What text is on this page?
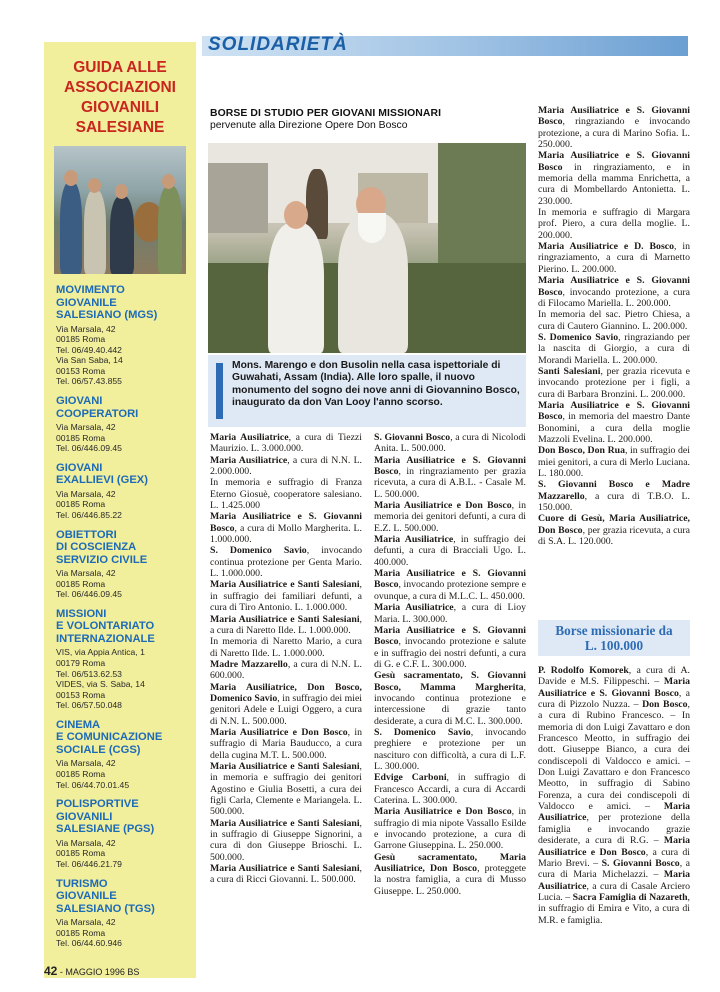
SOLIDARIETÀ
GUIDA ALLE
ASSOCIAZIONI
GIOVANILI
SALESIANE
MOVIMENTO
GIOVANILE
SALESIANO (MGS)
Via Marsala, 42
00185 Roma
Tel. 06/49.40.442
Via San Saba, 14
00153 Roma
Tel. 06/57.43.855
GIOVANI
COOPERATORI
Via Marsala, 42
00185 Roma
Tel. 06/446.09.45
GIOVANI
EXALLIEVI (GEX)
Via Marsala, 42
00185 Roma
Tel. 06/446.85.22
OBIETTORI
DI COSCIENZA
SERVIZIO CIVILE
Via Marsala, 42
00185 Roma
Tel. 06/446.09.45
MISSIONI
E VOLONTARIATO
INTERNAZIONALE
VIS, via Appia Antica, 1
00179 Roma
Tel. 06/513.62.53
VIDES, via S. Saba, 14
00153 Roma
Tel. 06/57.50.048
CINEMA
E COMUNICAZIONE
SOCIALE (CGS)
Via Marsala, 42
00185 Roma
Tel. 06/44.70.01.45
POLISPORTIVE
GIOVANILI
SALESIANE (PGS)
Via Marsala, 42
00185 Roma
Tel. 06/446.21.79
TURISMO
GIOVANILE
SALESIANO (TGS)
Via Marsala, 42
00185 Roma
Tel. 06/44.60.946
BORSE DI STUDIO PER GIOVANI MISSIONARI
pervenute alla Direzione Opere Don Bosco
Mons. Marengo e don Busolin nella casa ispettoriale di Guwahati, Assam (India). Alle loro spalle, il nuovo monumento del sogno dei nove anni di Giovannino Bosco, inaugurato da don Van Looy l'anno scorso.

Maria Ausiliatrice, a cura di Tiezzi Maurizio. L. 3.000.000.

Maria Ausiliatrice, a cura di N.N. L. 2.000.000.

In memoria e suffragio di Franza Eterno Giosuè, cooperatore salesiano. L. 1.425.000

Maria Ausiliatrice e S. Giovanni Bosco, a cura di Mollo Margherita. L. 1.000.000.

S. Domenico Savio, invocando continua protezione per Genta Mario. L. 1.000.000.

Maria Ausiliatrice e Santi Salesiani, in suffragio dei familiari defunti, a cura di Tiro Antonio. L. 1.000.000.

Maria Ausiliatrice e Santi Salesiani, a cura di Naretto Ilde. L. 1.000.000.

In memoria di Naretto Mario, a cura di Naretto Ilde. L. 1.000.000.

Madre Mazzarello, a cura di N.N. L. 600.000.

Maria Ausiliatrice, Don Bosco, Domenico Savio, in suffragio dei miei genitori Adele e Luigi Oggero, a cura di N.N. L. 500.000.

Maria Ausiliatrice e Don Bosco, in suffragio di Maria Bauducco, a cura della cugina M.T. L. 500.000.

Maria Ausiliatrice e Santi Salesiani, in memoria e suffragio dei genitori Agostino e Giulia Bosetti, a cura dei figli Carla, Clemente e Mariangela. L. 500.000.

Maria Ausiliatrice e Santi Salesiani, in suffragio di Giuseppe Signorini, a cura di don Giuseppe Brioschi. L. 500.000.

Maria Ausiliatrice e Santi Salesiani, a cura di Ricci Giovanni. L. 500.000.

S. Giovanni Bosco, a cura di Nicolodi Anita. L. 500.000.

Maria Ausiliatrice e S. Giovanni Bosco, in ringraziamento per grazia ricevuta, a cura di A.B.L. - Casale M. L. 500.000.

Maria Ausiliatrice e Don Bosco, in memoria dei genitori defunti, a cura di E.Z. L. 500.000.

Maria Ausiliatrice, in suffragio dei defunti, a cura di Bracciali Ugo. L. 400.000.

Maria Ausiliatrice e S. Giovanni Bosco, invocando protezione sempre e ovunque, a cura di M.L.C. L. 450.000.

Maria Ausiliatrice, a cura di Lioy Maria. L. 300.000.

Maria Ausiliatrice e S. Giovanni Bosco, invocando protezione e salute e in suffragio dei nostri defunti, a cura di G. e C.F. L. 300.000.

Gesù sacramentato, S. Giovanni Bosco, Mamma Margherita, invocando continua protezione e intercessione di grazie tanto desiderate, a cura di M.C. L. 300.000.

S. Domenico Savio, invocando preghiere e protezione per un nascituro con difficoltà, a cura di L.F. L. 300.000.

Edvige Carboni, in suffragio di Francesco Accardi, a cura di Accardi Caterina. L. 300.000.

Maria Ausiliatrice e Don Bosco, in suffragio di mia nipote Vassallo Esilde e invocando protezione, a cura di Garrone Giuseppina. L. 250.000.

Gesù sacramentato, Maria Ausiliatrice, Don Bosco, proteggete la nostra famiglia, a cura di Musso Giuseppe. L. 250.000.

Maria Ausiliatrice e S. Giovanni Bosco, ringraziando e invocando protezione, a cura di Marino Sofia. L. 250.000.

Maria Ausiliatrice e S. Giovanni Bosco in ringraziamento, e in memoria della mamma Enrichetta, a cura di Mombellardo Antonietta. L. 230.000.

In memoria e suffragio di Margara prof. Piero, a cura della moglie. L. 200.000.

Maria Ausiliatrice e D. Bosco, in ringraziamento, a cura di Marnetto Pierino. L. 200.000.

Maria Ausiliatrice e S. Giovanni Bosco, invocando protezione, a cura di Filocamo Mariella. L. 200.000.

In memoria del sac. Pietro Chiesa, a cura di Cautero Giannino. L. 200.000.

S. Domenico Savio, ringraziando per la nascita di Giorgio, a cura di Morandi Mariella. L. 200.000.

Santi Salesiani, per grazia ricevuta e invocando protezione per i figli, a cura di Barbara Bronzini. L. 200.000.

Maria Ausiliatrice e S. Giovanni Bosco, in memoria del maestro Dante Bonomini, a cura della moglie Mazzoli Evelina. L. 200.000.

Don Bosco, Don Rua, in suffragio dei miei genitori, a cura di Merlo Luciana. L. 180.000.

S. Giovanni Bosco e Madre Mazzarello, a cura di T.B.O. L. 150.000.

Cuore di Gesù, Maria Ausiliatrice, Don Bosco, per grazia ricevuta, a cura di S.A. L. 120.000.

Borse missionarie da
L. 100.000

P. Rodolfo Komorek, a cura di A. Davide e M.S. Filippeschi. – Maria Ausiliatrice e S. Giovanni Bosco, a cura di Pizzolo Nuzza. – Don Bosco, a cura di Rubino Francesco. – In memoria di don Luigi Zavattaro e don Francesco Meotto, in suffragio dei dott. Giuseppe Bianco, a cura dei condiscepoli di Valdocco e amici. – Don Luigi Zavattaro e don Francesco Meotto, in suffragio di Sabino Forenza, a cura dei condiscepoli di Valdocco e amici. – Maria Ausiliatrice, per protezione della famiglia e invocando grazie desiderate, a cura di R.G. – Maria Ausiliatrice e Don Bosco, a cura di Mario Brevi. – S. Giovanni Bosco, a cura di Maria Michelazzi. – Maria Ausiliatrice, a cura di Casale Arciero Lucia. – Sacra Famiglia di Nazareth, in suffragio di Emira e Vito, a cura di M.R. e famiglia.

42 - MAGGIO 1996 BS
